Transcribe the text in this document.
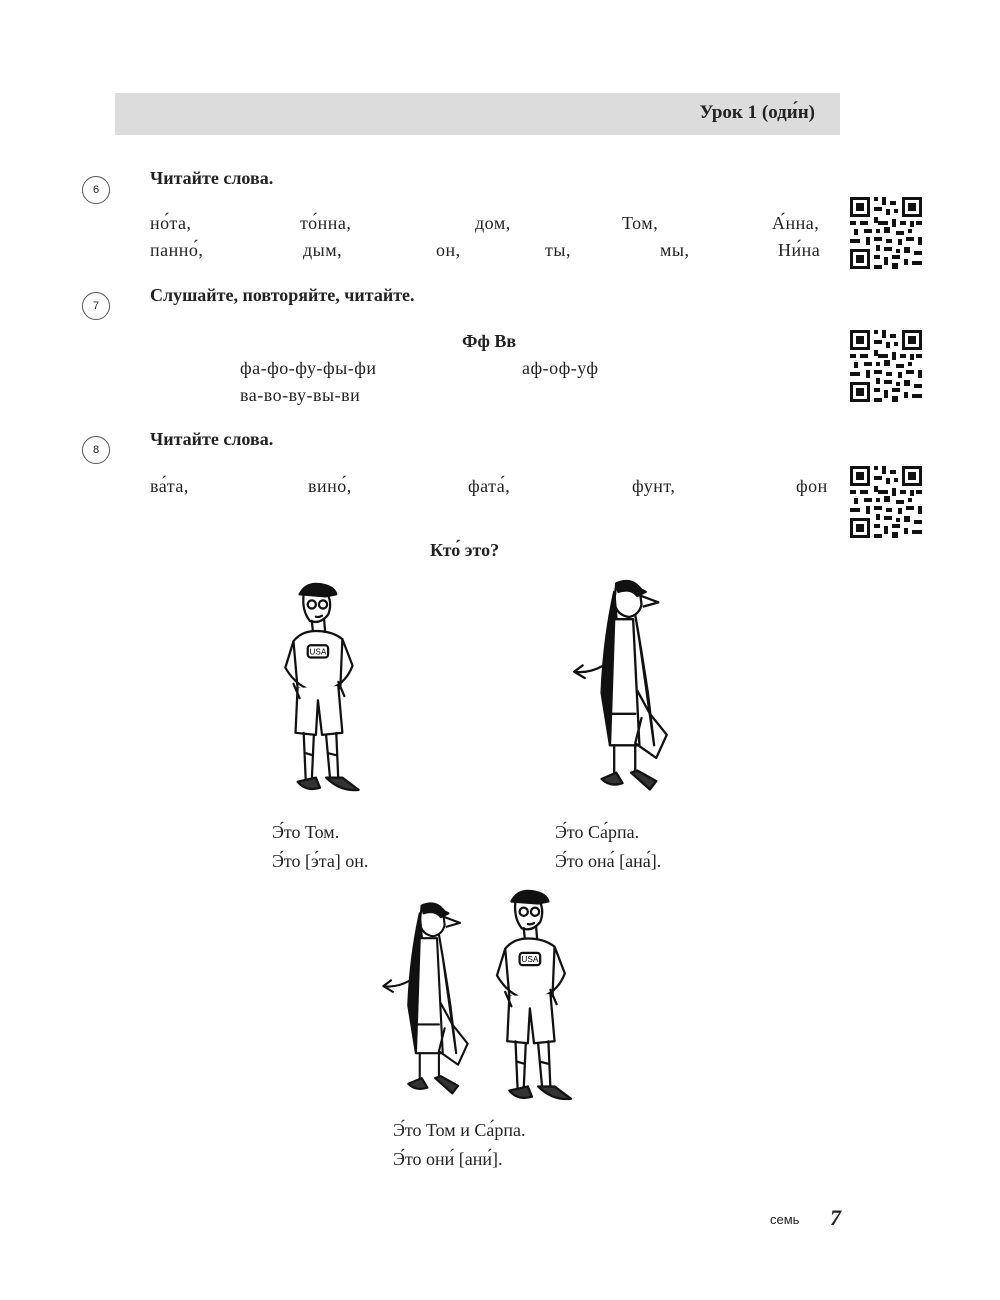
Урок 1 (оди́н)
6
Читайте слова.
но́та,	то́нна,	дом,	Том,	А́нна,
панно́,	дым,	он,	ты,	мы,	Ни́на
7
Слушайте, повторяйте, читайте.
Фф Вв
фа-фо-фу-фы-фи	аф-оф-уф
ва-во-ву-вы-ви
8
Читайте слова.
ва́та,	вино́,	фата́,	фунт,	фон
Кто́ это?
USA
Э́то Том.
Э́то [э́та] он.
Э́то Са́рпа.
Э́то она́ [ана́].
USA
Э́то Том и Са́рпа.
Э́то они́ [ани́].
семь 7
